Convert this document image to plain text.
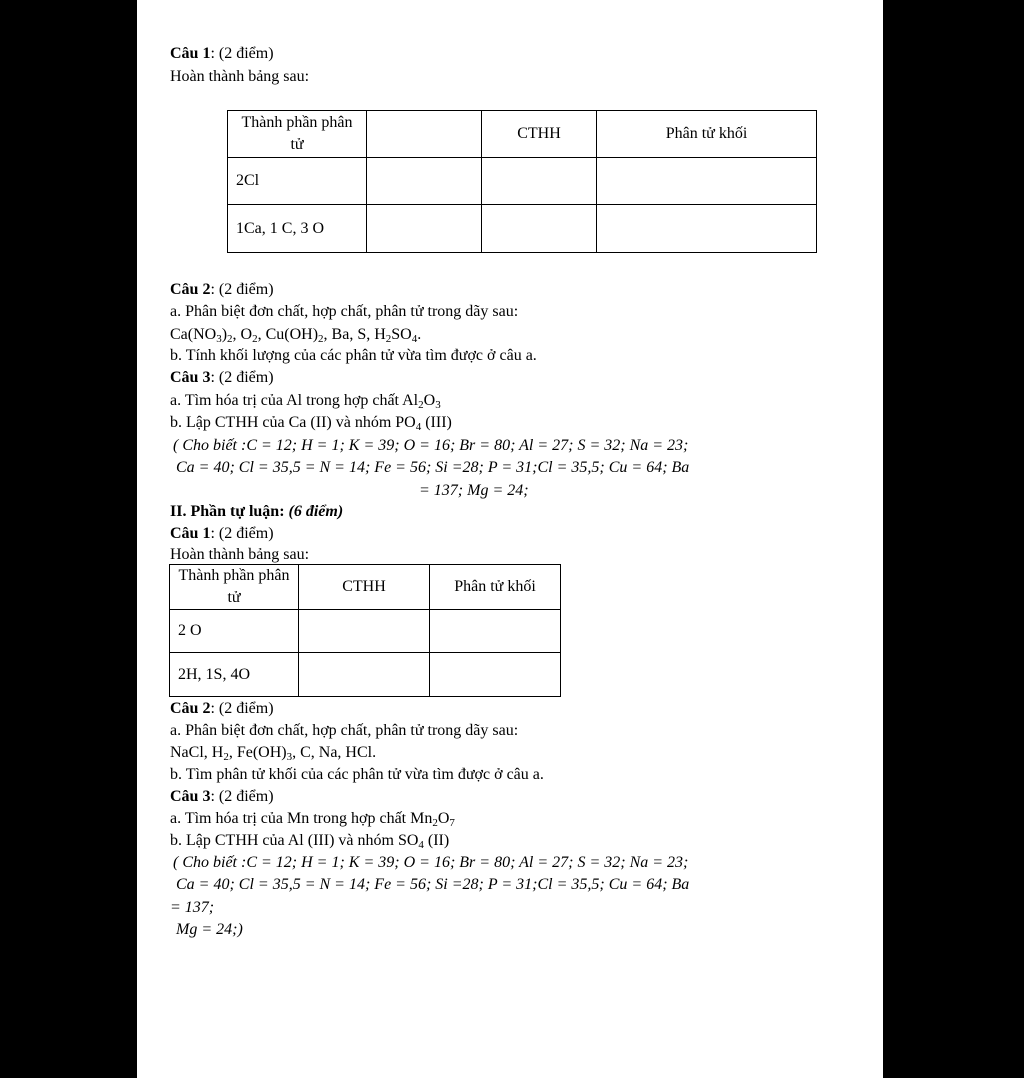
Câu 1: (2 điểm)
Hoàn thành bảng sau:
Thành phần phân tử		CTHH	Phân tử khối
2Cl			
1Ca, 1 C, 3 O			
Câu 2: (2 điểm)
a. Phân biệt đơn chất, hợp chất, phân tử trong dãy sau:
$Ca(NO_3)_2$, $O_2$, $Cu(OH)_2$, Ba, S, $H_2SO_4$.
b. Tính khối lượng của các phân tử vừa tìm được ở câu a.
Câu 3: (2 điểm)
a. Tìm hóa trị của Al trong hợp chất $Al_2O_3$
b. Lập CTHH của Ca (II) và nhóm $PO_4$ (III)
( Cho biết :C = 12; H = 1; K = 39; O = 16; Br = 80; Al = 27; S = 32; Na = 23;
Ca = 40; Cl = 35,5 = N = 14; Fe = 56; Si =28; P = 31;Cl = 35,5; Cu = 64; Ba
= 137; Mg = 24;
II. Phần tự luận: (6 điểm)
Câu 1: (2 điểm)
Hoàn thành bảng sau:
Thành phần phân tử	CTHH	Phân tử khối
2 O		
2H, 1S, 4O		
Câu 2: (2 điểm)
a. Phân biệt đơn chất, hợp chất, phân tử trong dãy sau:
NaCl, $H_2$, $Fe(OH)_3$, C, Na, HCl.
b. Tìm phân tử khối của các phân tử vừa tìm được ở câu a.
Câu 3: (2 điểm)
a. Tìm hóa trị của Mn trong hợp chất $Mn_2O_7$
b. Lập CTHH của Al (III) và nhóm $SO_4$ (II)
( Cho biết :C = 12; H = 1; K = 39; O = 16; Br = 80; Al = 27; S = 32; Na = 23;
Ca = 40; Cl = 35,5 = N = 14; Fe = 56; Si =28; P = 31;Cl = 35,5; Cu = 64; Ba
= 137;
Mg = 24;)
